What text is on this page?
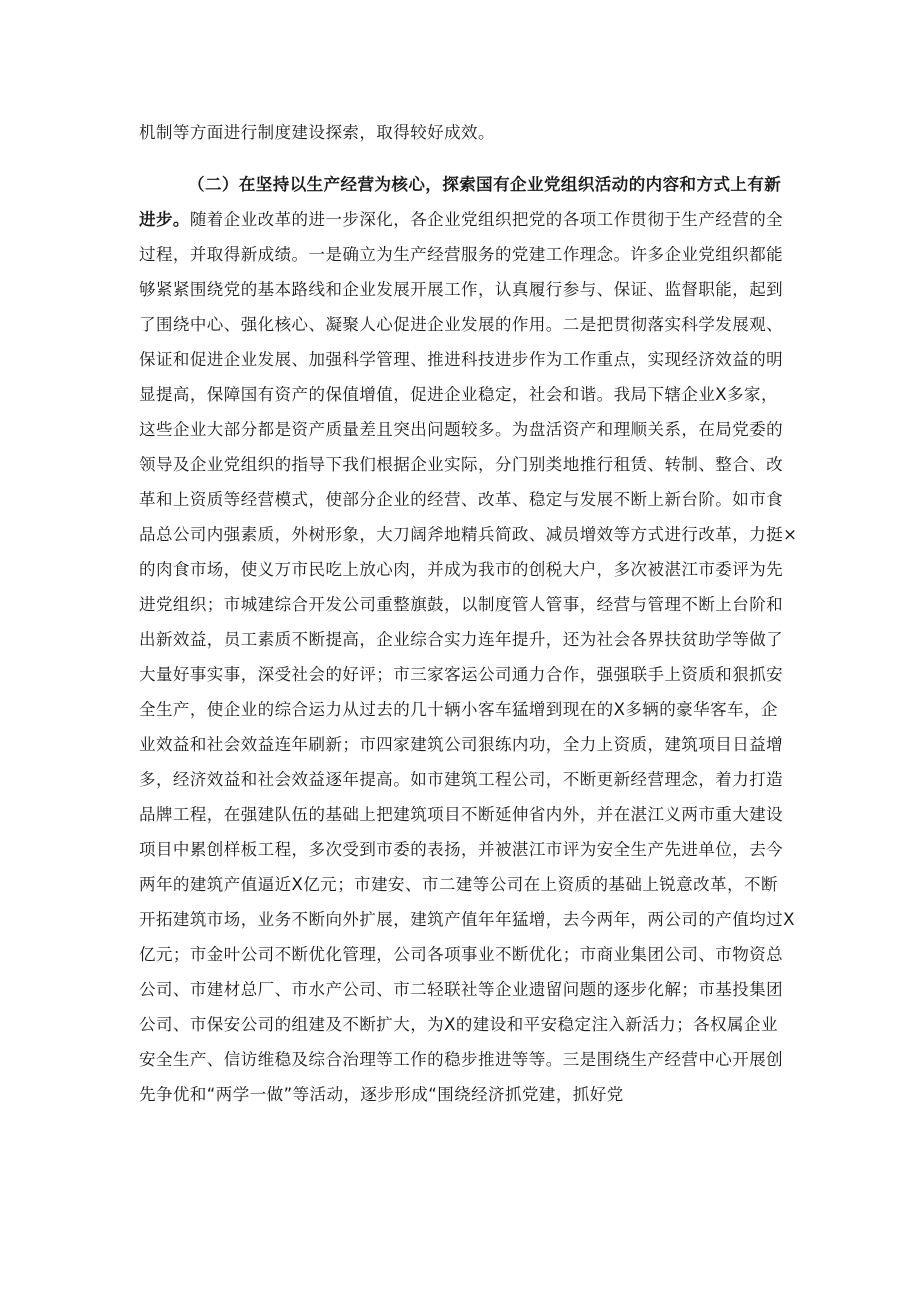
机制等方面进行制度建设探索，取得较好成效。
（二）在坚持以生产经营为核心，探索国有企业党组织活动的内容和方式上有新
进步。随着企业改革的进一步深化，各企业党组织把党的各项工作贯彻于生产经营的全
过程，并取得新成绩。一是确立为生产经营服务的党建工作理念。许多企业党组织都能
够紧紧围绕党的基本路线和企业发展开展工作，认真履行参与、保证、监督职能，起到
了围绕中心、强化核心、凝聚人心促进企业发展的作用。二是把贯彻落实科学发展观、
保证和促进企业发展、加强科学管理、推进科技进步作为工作重点，实现经济效益的明
显提高，保障国有资产的保值增值，促进企业稳定，社会和谐。我局下辖企业X多家，
这些企业大部分都是资产质量差且突出问题较多。为盘活资产和理顺关系，在局党委的
领导及企业党组织的指导下我们根据企业实际，分门别类地推行租赁、转制、整合、改
革和上资质等经营模式，使部分企业的经营、改革、稳定与发展不断上新台阶。如市食
品总公司内强素质，外树形象，大刀阔斧地精兵简政、减员增效等方式进行改革，力挺×
的肉食市场，使义万市民吃上放心肉，并成为我市的创税大户，多次被湛江市委评为先
进党组织；市城建综合开发公司重整旗鼓，以制度管人管事，经营与管理不断上台阶和
出新效益，员工素质不断提高，企业综合实力连年提升，还为社会各界扶贫助学等做了
大量好事实事，深受社会的好评；市三家客运公司通力合作，强强联手上资质和狠抓安
全生产，使企业的综合运力从过去的几十辆小客车猛增到现在的X多辆的豪华客车，企
业效益和社会效益连年刷新；市四家建筑公司狠练内功，全力上资质，建筑项目日益增
多，经济效益和社会效益逐年提高。如市建筑工程公司，不断更新经营理念，着力打造
品牌工程，在强建队伍的基础上把建筑项目不断延伸省内外，并在湛江义两市重大建设
项目中累创样板工程，多次受到市委的表扬，并被湛江市评为安全生产先进单位，去今
两年的建筑产值逼近X亿元；市建安、市二建等公司在上资质的基础上锐意改革，不断
开拓建筑市场，业务不断向外扩展，建筑产值年年猛增，去今两年，两公司的产值均过X
亿元；市金叶公司不断优化管理，公司各项事业不断优化；市商业集团公司、市物资总
公司、市建材总厂、市水产公司、市二轻联社等企业遗留问题的逐步化解；市基投集团
公司、市保安公司的组建及不断扩大，为X的建设和平安稳定注入新活力；各权属企业
安全生产、信访维稳及综合治理等工作的稳步推进等等。三是围绕生产经营中心开展创
先争优和“两学一做”等活动，逐步形成“围绕经济抓党建，抓好党
